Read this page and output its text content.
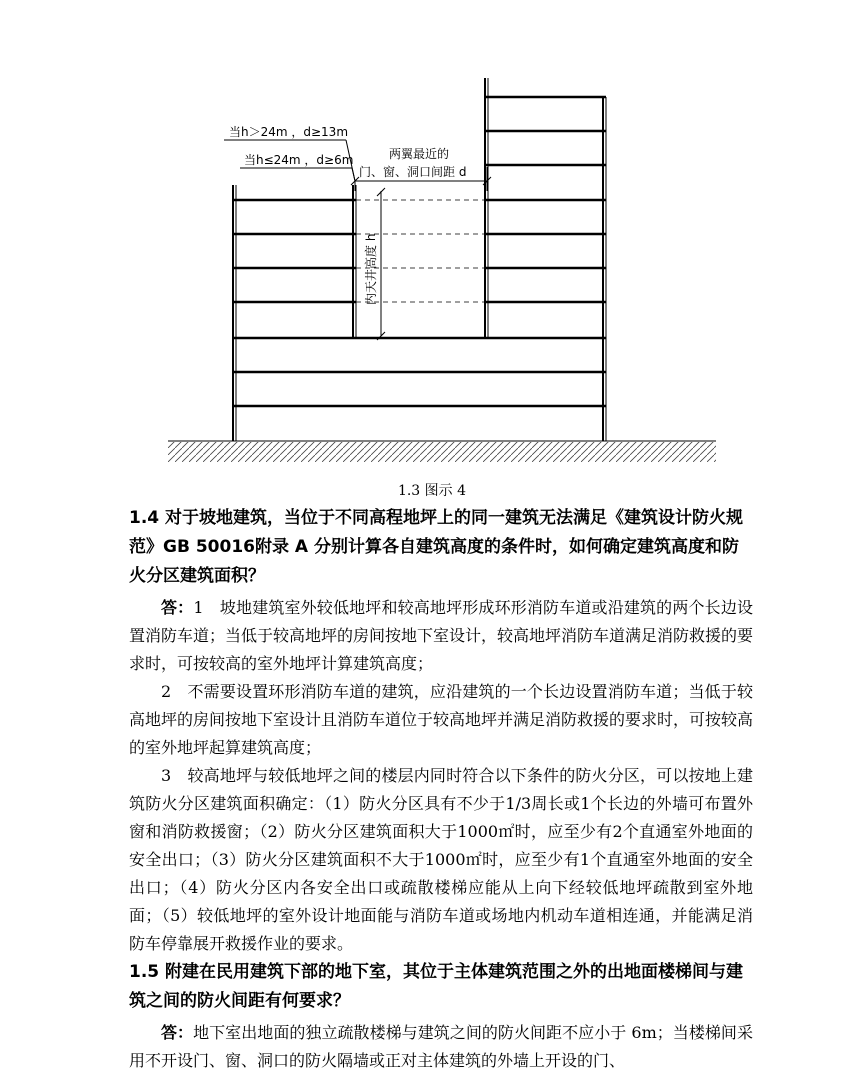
当h＞24m ，d≥13m
当h≤24m ，d≥6m	两翼最近的
门、窗、洞口间距 d
内天井高度 h
1.3 图示 4

1.4 对于坡地建筑，当位于不同高程地坪上的同一建筑无法满足《建筑设计防火规范》GB 50016附录 A 分别计算各自建筑高度的条件时，如何确定建筑高度和防火分区建筑面积？

答：1　坡地建筑室外较低地坪和较高地坪形成环形消防车道或沿建筑的两个长边设置消防车道；当低于较高地坪的房间按地下室设计，较高地坪消防车道满足消防救援的要求时，可按较高的室外地坪计算建筑高度；

2　不需要设置环形消防车道的建筑，应沿建筑的一个长边设置消防车道；当低于较高地坪的房间按地下室设计且消防车道位于较高地坪并满足消防救援的要求时，可按较高的室外地坪起算建筑高度；

3　较高地坪与较低地坪之间的楼层内同时符合以下条件的防火分区，可以按地上建筑防火分区建筑面积确定：（1）防火分区具有不少于1/3周长或1个长边的外墙可布置外窗和消防救援窗；（2）防火分区建筑面积大于1000㎡时，应至少有2个直通室外地面的安全出口；（3）防火分区建筑面积不大于1000㎡时，应至少有1个直通室外地面的安全出口；（4）防火分区内各安全出口或疏散楼梯应能从上向下经较低地坪疏散到室外地面；（5）较低地坪的室外设计地面能与消防车道或场地内机动车道相连通，并能满足消防车停靠展开救援作业的要求。

1.5 附建在民用建筑下部的地下室，其位于主体建筑范围之外的出地面楼梯间与建筑之间的防火间距有何要求？

答：地下室出地面的独立疏散楼梯与建筑之间的防火间距不应小于 6m；当楼梯间采用不开设门、窗、洞口的防火隔墙或正对主体建筑的外墙上开设的门、
